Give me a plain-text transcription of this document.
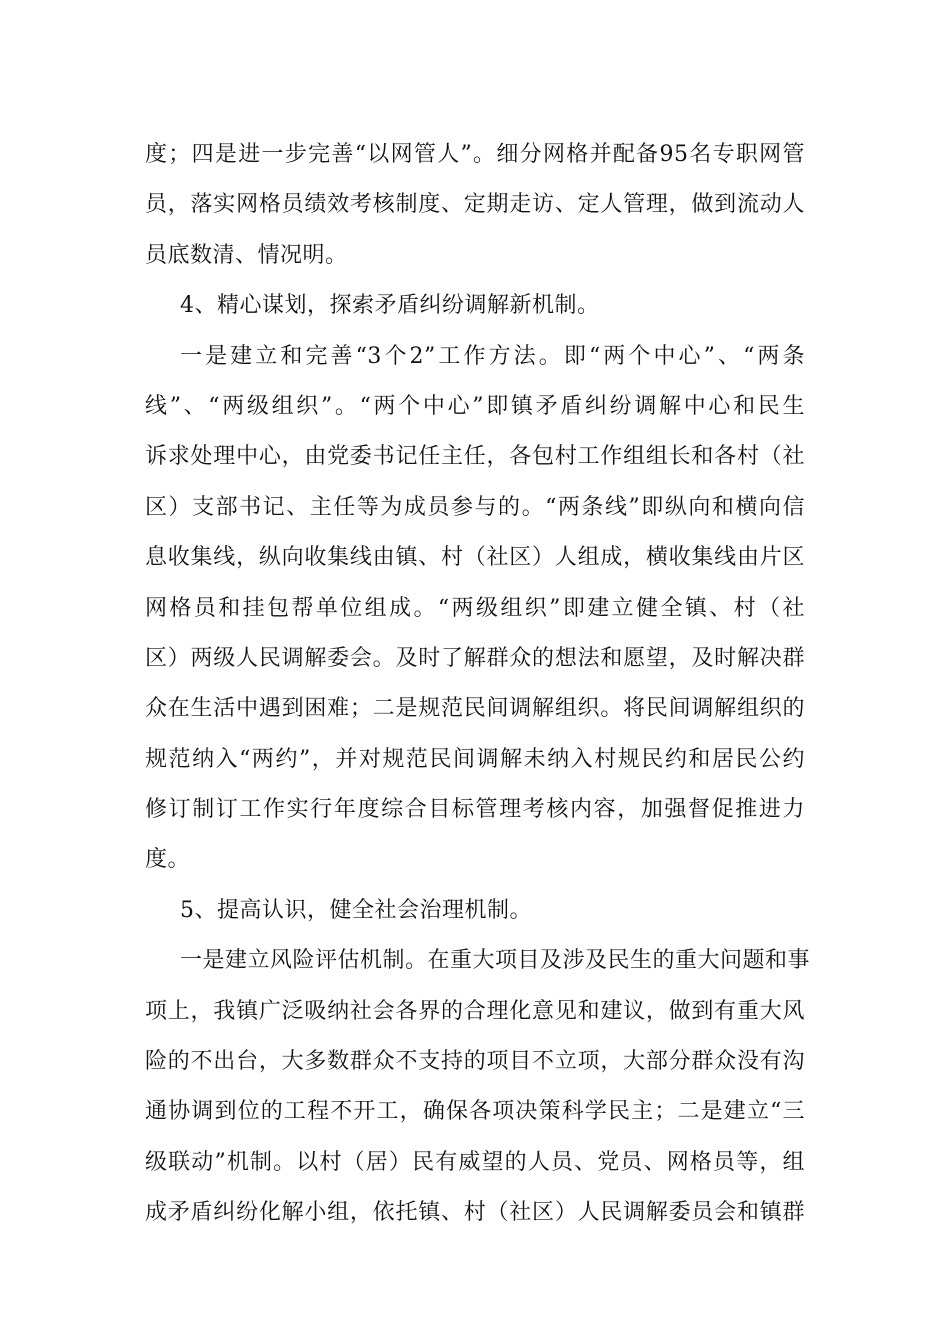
度；四是进一步完善“以网管人”。细分网格并配备95名专职网管
员，落实网格员绩效考核制度、定期走访、定人管理，做到流动人
员底数清、情况明。
4、精心谋划，探索矛盾纠纷调解新机制。
一是建立和完善“3个2”工作方法。即“两个中心”、“两条
线”、“两级组织”。“两个中心”即镇矛盾纠纷调解中心和民生
诉求处理中心，由党委书记任主任，各包村工作组组长和各村（社
区）支部书记、主任等为成员参与的。“两条线”即纵向和横向信
息收集线，纵向收集线由镇、村（社区）人组成，横收集线由片区
网格员和挂包帮单位组成。“两级组织”即建立健全镇、村（社
区）两级人民调解委会。及时了解群众的想法和愿望，及时解决群
众在生活中遇到困难；二是规范民间调解组织。将民间调解组织的
规范纳入“两约”，并对规范民间调解未纳入村规民约和居民公约
修订制订工作实行年度综合目标管理考核内容，加强督促推进力
度。
5、提高认识，健全社会治理机制。
一是建立风险评估机制。在重大项目及涉及民生的重大问题和事
项上，我镇广泛吸纳社会各界的合理化意见和建议，做到有重大风
险的不出台，大多数群众不支持的项目不立项，大部分群众没有沟
通协调到位的工程不开工，确保各项决策科学民主；二是建立“三
级联动”机制。以村（居）民有威望的人员、党员、网格员等，组
成矛盾纠纷化解小组，依托镇、村（社区）人民调解委员会和镇群
